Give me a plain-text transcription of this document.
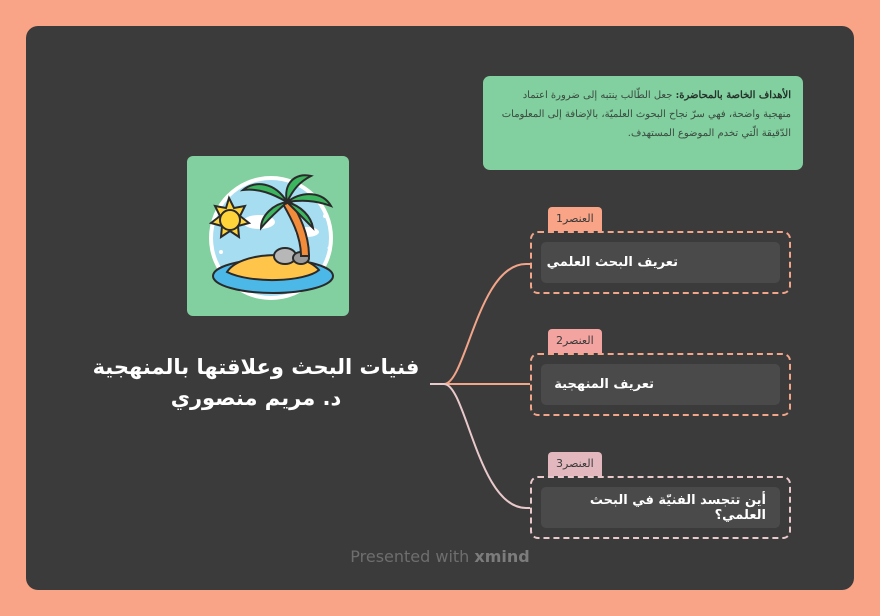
الأهداف الخاصة بالمحاضرة: جعل الطّالب ينتبه إلى ضرورة اعتماد منهجية واضحة، فهي سرّ نجاح البحوث العلميّة، بالإضافة إلى المعلومات الدّقيقة الّتي تخدم الموضوع المستهدف.
فنيات البحث وعلاقتها بالمنهجية
د. مريم منصوري
العنصر1
تعريف البحث العلمي
العنصر2
تعريف المنهجية
العنصر3
أين تتجسد الفنيّة في البحث العلمي؟
Presented with xmind
